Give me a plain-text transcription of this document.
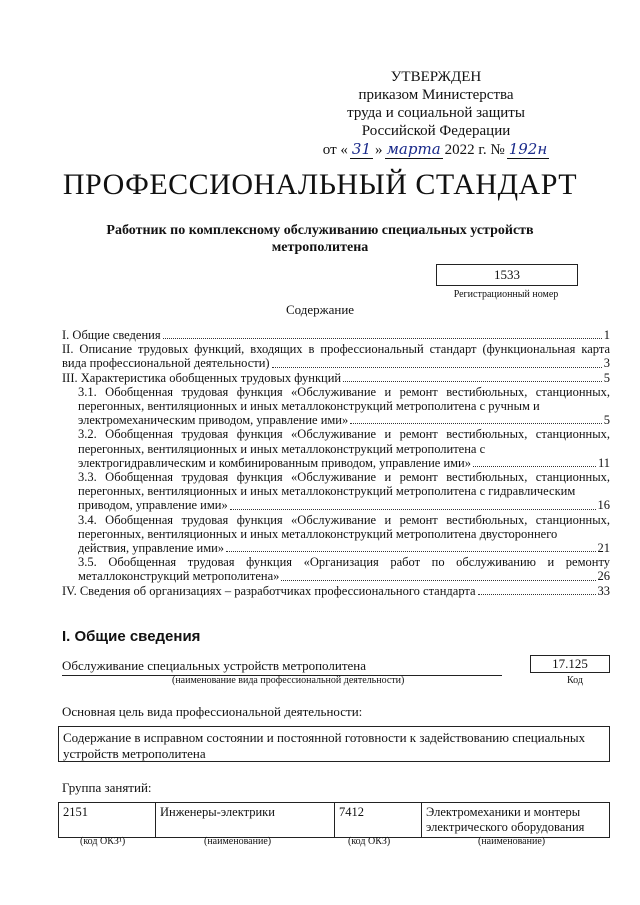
УТВЕРЖДЕН
приказом Министерства
труда и социальной защиты
Российской Федерации
от « 31 » марта 2022 г. № 192н
ПРОФЕССИОНАЛЬНЫЙ СТАНДАРТ
Работник по комплексному обслуживанию специальных устройств
метрополитена
1533
Регистрационный номер
Содержание
I. Общие сведения	1
II. Описание трудовых функций, входящих в профессиональный стандарт (функциональная карта
вида профессиональной деятельности)	3
III. Характеристика обобщенных трудовых функций	5
3.1. Обобщенная трудовая функция «Обслуживание и ремонт вестибюльных, станционных, перегонных, вентиляционных и иных металлоконструкций метрополитена с ручным и
электромеханическим приводом, управление ими»	5
3.2. Обобщенная трудовая функция «Обслуживание и ремонт вестибюльных, станционных, перегонных, вентиляционных и иных металлоконструкций метрополитена с
электрогидравлическим и комбинированным приводом, управление ими»	11
3.3. Обобщенная трудовая функция «Обслуживание и ремонт вестибюльных, станционных, перегонных, вентиляционных и иных металлоконструкций метрополитена с гидравлическим
приводом, управление ими»	16
3.4. Обобщенная трудовая функция «Обслуживание и ремонт вестибюльных, станционных, перегонных, вентиляционных и иных металлоконструкций метрополитена двустороннего
действия, управление ими»	21
3.5. Обобщенная трудовая функция «Организация работ по обслуживанию и ремонту
металлоконструкций метрополитена»	26
IV. Сведения об организациях – разработчиках профессионального стандарта	33
I. Общие сведения
Обслуживание специальных устройств метрополитена	17.125
(наименование вида профессиональной деятельности)	Код
Основная цель вида профессиональной деятельности:
Содержание в исправном состоянии и постоянной готовности к задействованию специальных устройств метрополитена
Группа занятий:
2151	Инженеры-электрики	7412	Электромеханики и монтеры электрического оборудования
(код ОКЗ¹)	(наименование)	(код ОКЗ)	(наименование)
